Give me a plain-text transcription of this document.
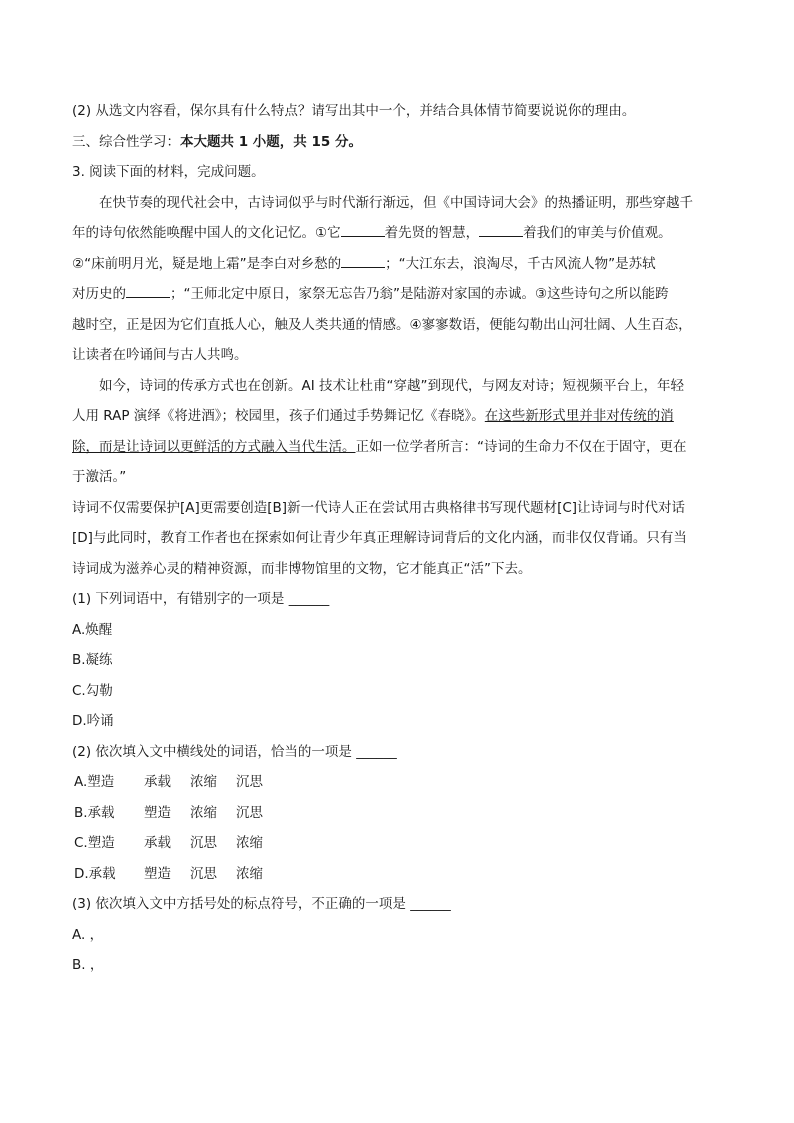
(2) 从选文内容看，保尔具有什么特点？请写出其中一个，并结合具体情节简要说说你的理由。
三、综合性学习：本大题共 1 小题，共 15 分。
3. 阅读下面的材料，完成问题。
在快节奏的现代社会中，古诗词似乎与时代渐行渐远，但《中国诗词大会》的热播证明，那些穿越千
年的诗句依然能唤醒中国人的文化记忆。①它	着先贤的智慧，	着我们的审美与价值观。
②“床前明月光，疑是地上霜”是李白对乡愁的	；“大江东去，浪淘尽，千古风流人物”是苏轼
对历史的	；“王师北定中原日，家祭无忘告乃翁”是陆游对家国的赤诚。③这些诗句之所以能跨
越时空，正是因为它们直抵人心，触及人类共通的情感。④寥寥数语，便能勾勒出山河壮阔、人生百态，
让读者在吟诵间与古人共鸣。
如今，诗词的传承方式也在创新。AI 技术让杜甫“穿越”到现代，与网友对诗；短视频平台上，年轻
人用 RAP 演绎《将进酒》；校园里，孩子们通过手势舞记忆《春晓》。在这些新形式里并非对传统的消
除，而是让诗词以更鲜活的方式融入当代生活。正如一位学者所言：“诗词的生命力不仅在于固守，更在
于激活。”
诗词不仅需要保护[A]更需要创造[B]新一代诗人正在尝试用古典格律书写现代题材[C]让诗词与时代对话
[D]与此同时，教育工作者也在探索如何让青少年真正理解诗词背后的文化内涵，而非仅仅背诵。只有当
诗词成为滋养心灵的精神资源，而非博物馆里的文物，它才能真正“活”下去。
(1) 下列词语中，有错别字的一项是 ______
A.焕醒
B.凝练
C.勾勒
D.吟诵
(2) 依次填入文中横线处的词语，恰当的一项是 ______
A.塑造 承载 浓缩 沉思
B.承载 塑造 浓缩 沉思
C.塑造 承载 沉思 浓缩
D.承载 塑造 沉思 浓缩
(3) 依次填入文中方括号处的标点符号，不正确的一项是 ______
A. ，
B. ，
